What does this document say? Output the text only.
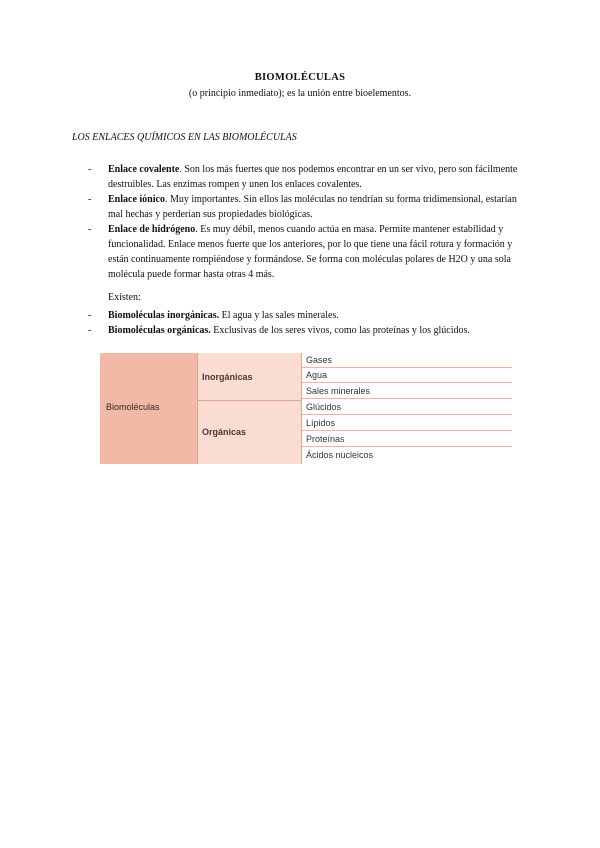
BIOMOLÉCULAS
(o principio inmediato); es la unión entre bioelementos.
LOS ENLACES QUÍMICOS EN LAS BIOMOLÉCULAS
- Enlace covalente. Son los más fuertes que nos podemos encontrar en un ser vivo, pero son fácilmente destruibles. Las enzimas rompen y unen los enlaces covalentes.
- Enlace iónico. Muy importantes. Sin ellos las moléculas no tendrían su forma tridimensional, estarían mal hechas y perderían sus propiedades biológicas.
- Enlace de hidrógeno. Es muy débil, menos cuando actúa en masa. Permite mantener estabilidad y funcionalidad. Enlace menos fuerte que los anteriores, por lo que tiene una fácil rotura y formación y están continuamente rompiéndose y formándose. Se forma con moléculas polares de H2O y una sola molécula puede formar hasta otras 4 más.
Existen:
- Biomoléculas inorgánicas. El agua y las sales minerales.
- Biomoléculas orgánicas. Exclusivas de los seres vivos, como las proteínas y los glúcidos.
Biomoléculas
Inorgánicas
Orgánicas
Gases
Agua
Sales minerales
Glúcidos
Lípidos
Proteínas
Ácidos nucleicos
